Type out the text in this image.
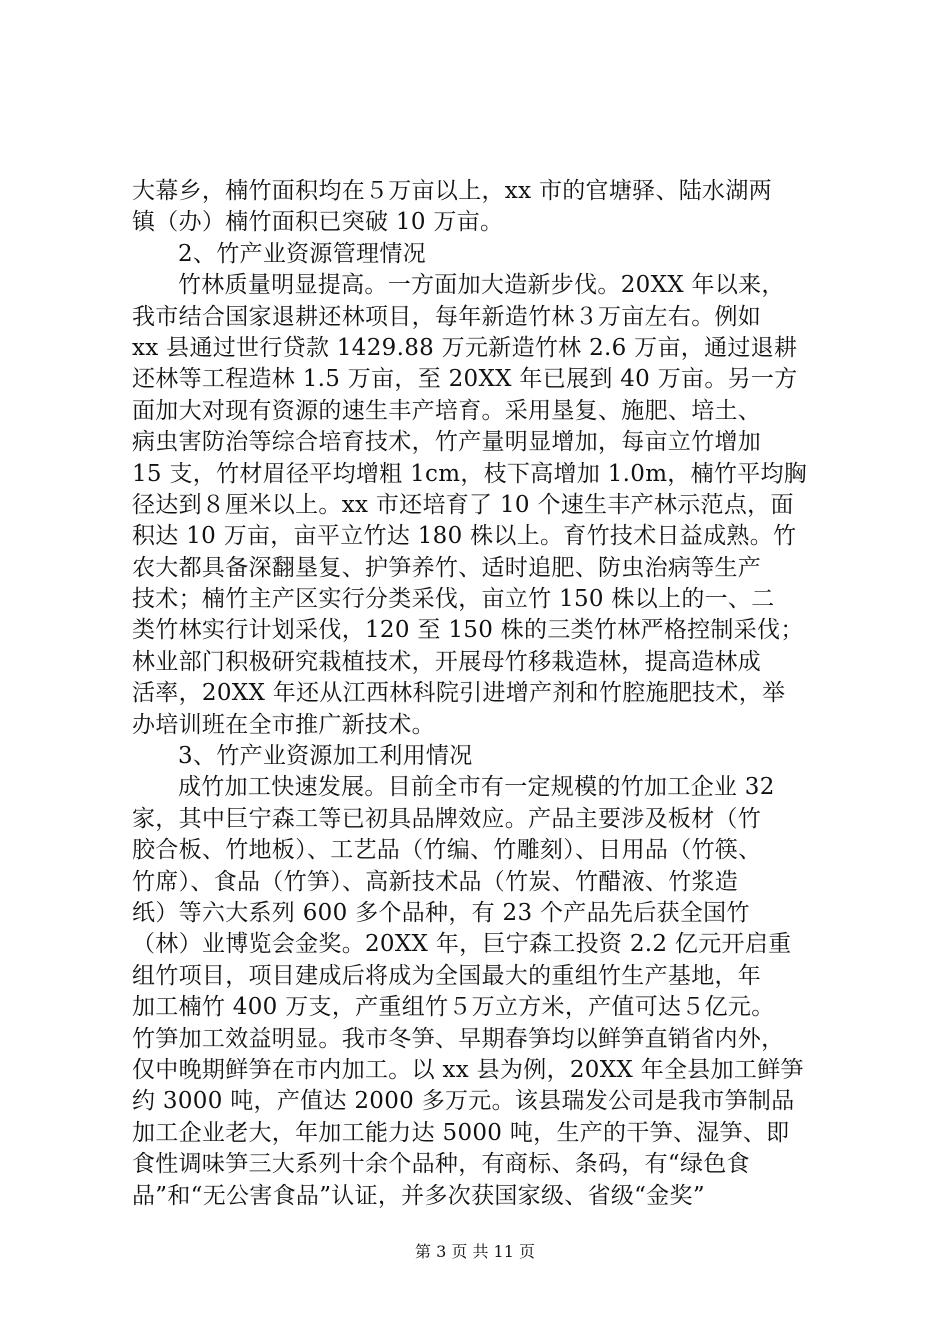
大幕乡，楠竹面积均在５万亩以上，xx 市的官塘驿、陆水湖两
镇（办）楠竹面积已突破 10 万亩。
2、竹产业资源管理情况
竹林质量明显提高。一方面加大造新步伐。20XX 年以来，
我市结合国家退耕还林项目，每年新造竹林３万亩左右。例如
xx 县通过世行贷款 1429.88 万元新造竹林 2.6 万亩，通过退耕
还林等工程造林 1.5 万亩，至 20XX 年已展到 40 万亩。另一方
面加大对现有资源的速生丰产培育。采用垦复、施肥、培土、
病虫害防治等综合培育技术，竹产量明显增加，每亩立竹增加
15 支，竹材眉径平均增粗 1cm，枝下高增加 1.0m，楠竹平均胸
径达到８厘米以上。xx 市还培育了 10 个速生丰产林示范点，面
积达 10 万亩，亩平立竹达 180 株以上。育竹技术日益成熟。竹
农大都具备深翻垦复、护笋养竹、适时追肥、防虫治病等生产
技术；楠竹主产区实行分类采伐，亩立竹 150 株以上的一、二
类竹林实行计划采伐，120 至 150 株的三类竹林严格控制采伐；
林业部门积极研究栽植技术，开展母竹移栽造林，提高造林成
活率，20XX 年还从江西林科院引进增产剂和竹腔施肥技术，举
办培训班在全市推广新技术。
3、竹产业资源加工利用情况
成竹加工快速发展。目前全市有一定规模的竹加工企业 32
家，其中巨宁森工等已初具品牌效应。产品主要涉及板材（竹
胶合板、竹地板）、工艺品（竹编、竹雕刻）、日用品（竹筷、
竹席）、食品（竹笋）、高新技术品（竹炭、竹醋液、竹浆造
纸）等六大系列 600 多个品种，有 23 个产品先后获全国竹
（林）业博览会金奖。20XX 年，巨宁森工投资 2.2 亿元开启重
组竹项目，项目建成后将成为全国最大的重组竹生产基地，年
加工楠竹 400 万支，产重组竹５万立方米，产值可达５亿元。
竹笋加工效益明显。我市冬笋、早期春笋均以鲜笋直销省内外，
仅中晚期鲜笋在市内加工。以 xx 县为例，20XX 年全县加工鲜笋
约 3000 吨，产值达 2000 多万元。该县瑞发公司是我市笋制品
加工企业老大，年加工能力达 5000 吨，生产的干笋、湿笋、即
食性调味笋三大系列十余个品种，有商标、条码，有“绿色食
品”和“无公害食品”认证，并多次获国家级、省级“金奖”
第 3 页 共 11 页
